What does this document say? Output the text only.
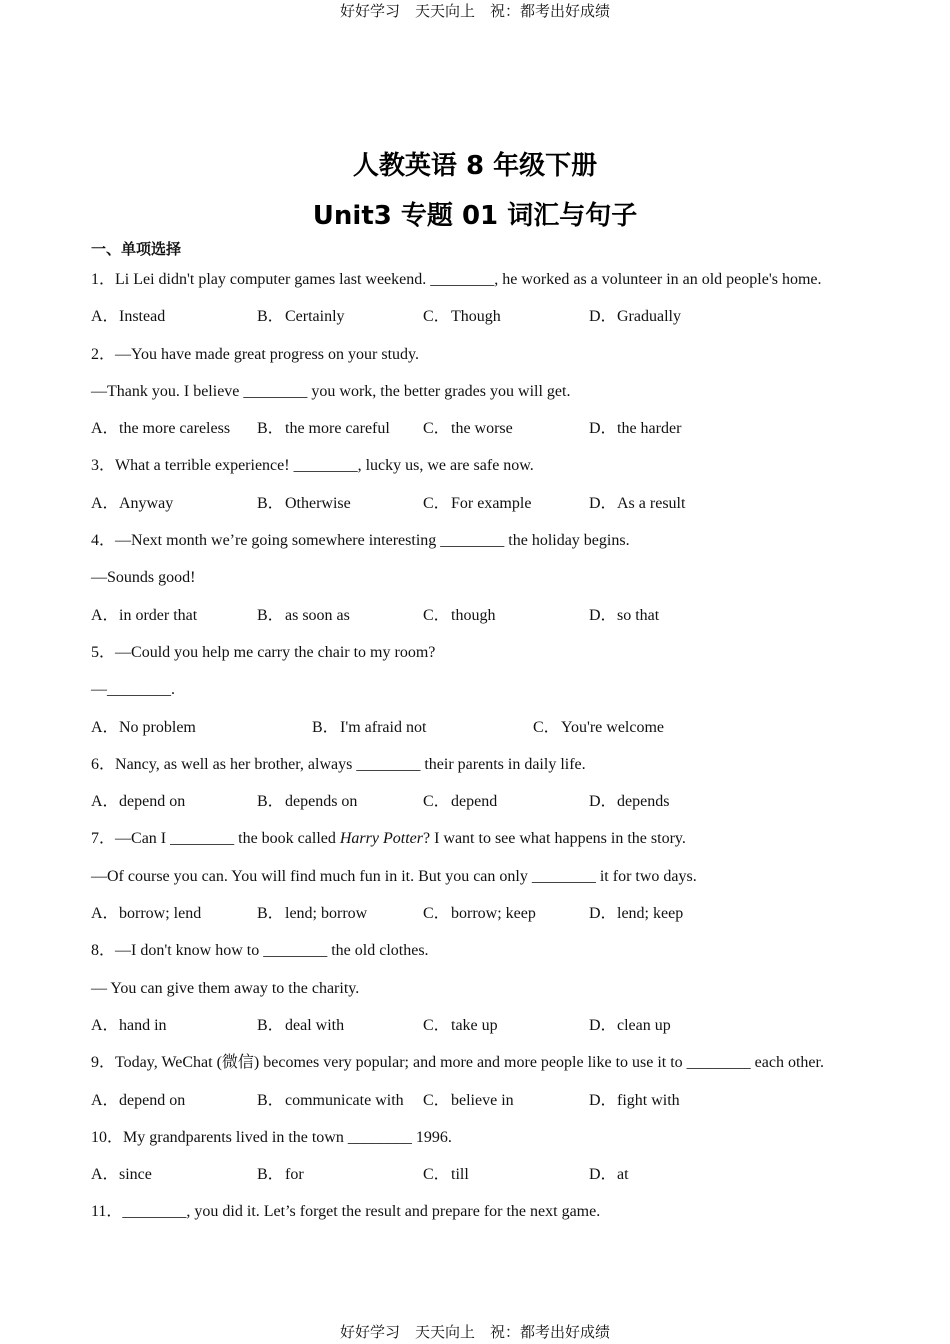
好好学习　天天向上　祝：都考出好成绩
人教英语 8 年级下册
Unit3 专题 01 词汇与句子
一、单项选择
1．Li Lei didn't play computer games last weekend. ________, he worked as a volunteer in an old people's home.
A．Instead	B．Certainly	C．Though	D．Gradually
2．—You have made great progress on your study.
—Thank you. I believe ________ you work, the better grades you will get.
A．the more careless	B．the more careful	C．the worse	D．the harder
3．What a terrible experience! ________, lucky us, we are safe now.
A．Anyway	B．Otherwise	C．For example	D．As a result
4．—Next month we’re going somewhere interesting ________ the holiday begins.
—Sounds good!
A．in order that	B．as soon as	C．though	D．so that
5．—Could you help me carry the chair to my room?
—________.
A．No problem	B．I'm afraid not	C．You're welcome
6．Nancy, as well as her brother, always ________ their parents in daily life.
A．depend on	B．depends on	C．depend	D．depends
7．—Can I ________ the book called Harry Potter? I want to see what happens in the story.
—Of course you can. You will find much fun in it. But you can only ________ it for two days.
A．borrow; lend	B．lend; borrow	C．borrow; keep	D．lend; keep
8．—I don't know how to ________ the old clothes.
— You can give them away to the charity.
A．hand in	B．deal with	C．take up	D．clean up
9．Today, WeChat (微信) becomes very popular; and more and more people like to use it to ________ each other.
A．depend on	B．communicate with	C．believe in	D．fight with
10．My grandparents lived in the town ________ 1996.
A．since	B．for	C．till	D．at
11．________, you did it. Let’s forget the result and prepare for the next game.
好好学习　天天向上　祝：都考出好成绩
